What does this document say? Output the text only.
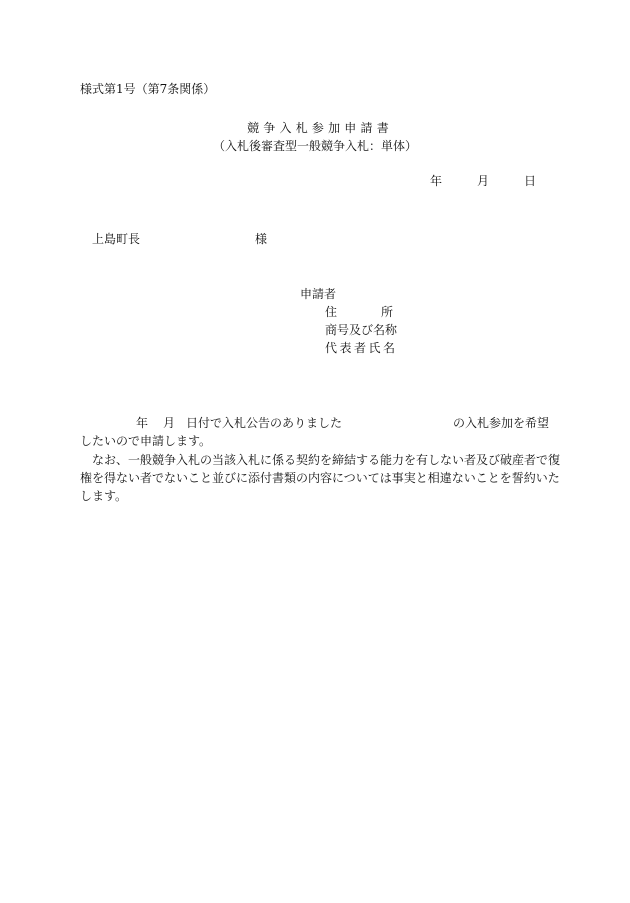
様式第1号（第7条関係）
競争入札参加申請書
（入札後審査型一般競争入札：単体）
年	月	日
上島町長	様
申請者
住所
商号及び名称
代表者氏名
年 月 日付で入札公告のありました	の入札参加を希望
したいので申請します。
なお、一般競争入札の当該入札に係る契約を締結する能力を有しない者及び破産者で復
権を得ない者でないこと並びに添付書類の内容については事実と相違ないことを誓約いた
します。
